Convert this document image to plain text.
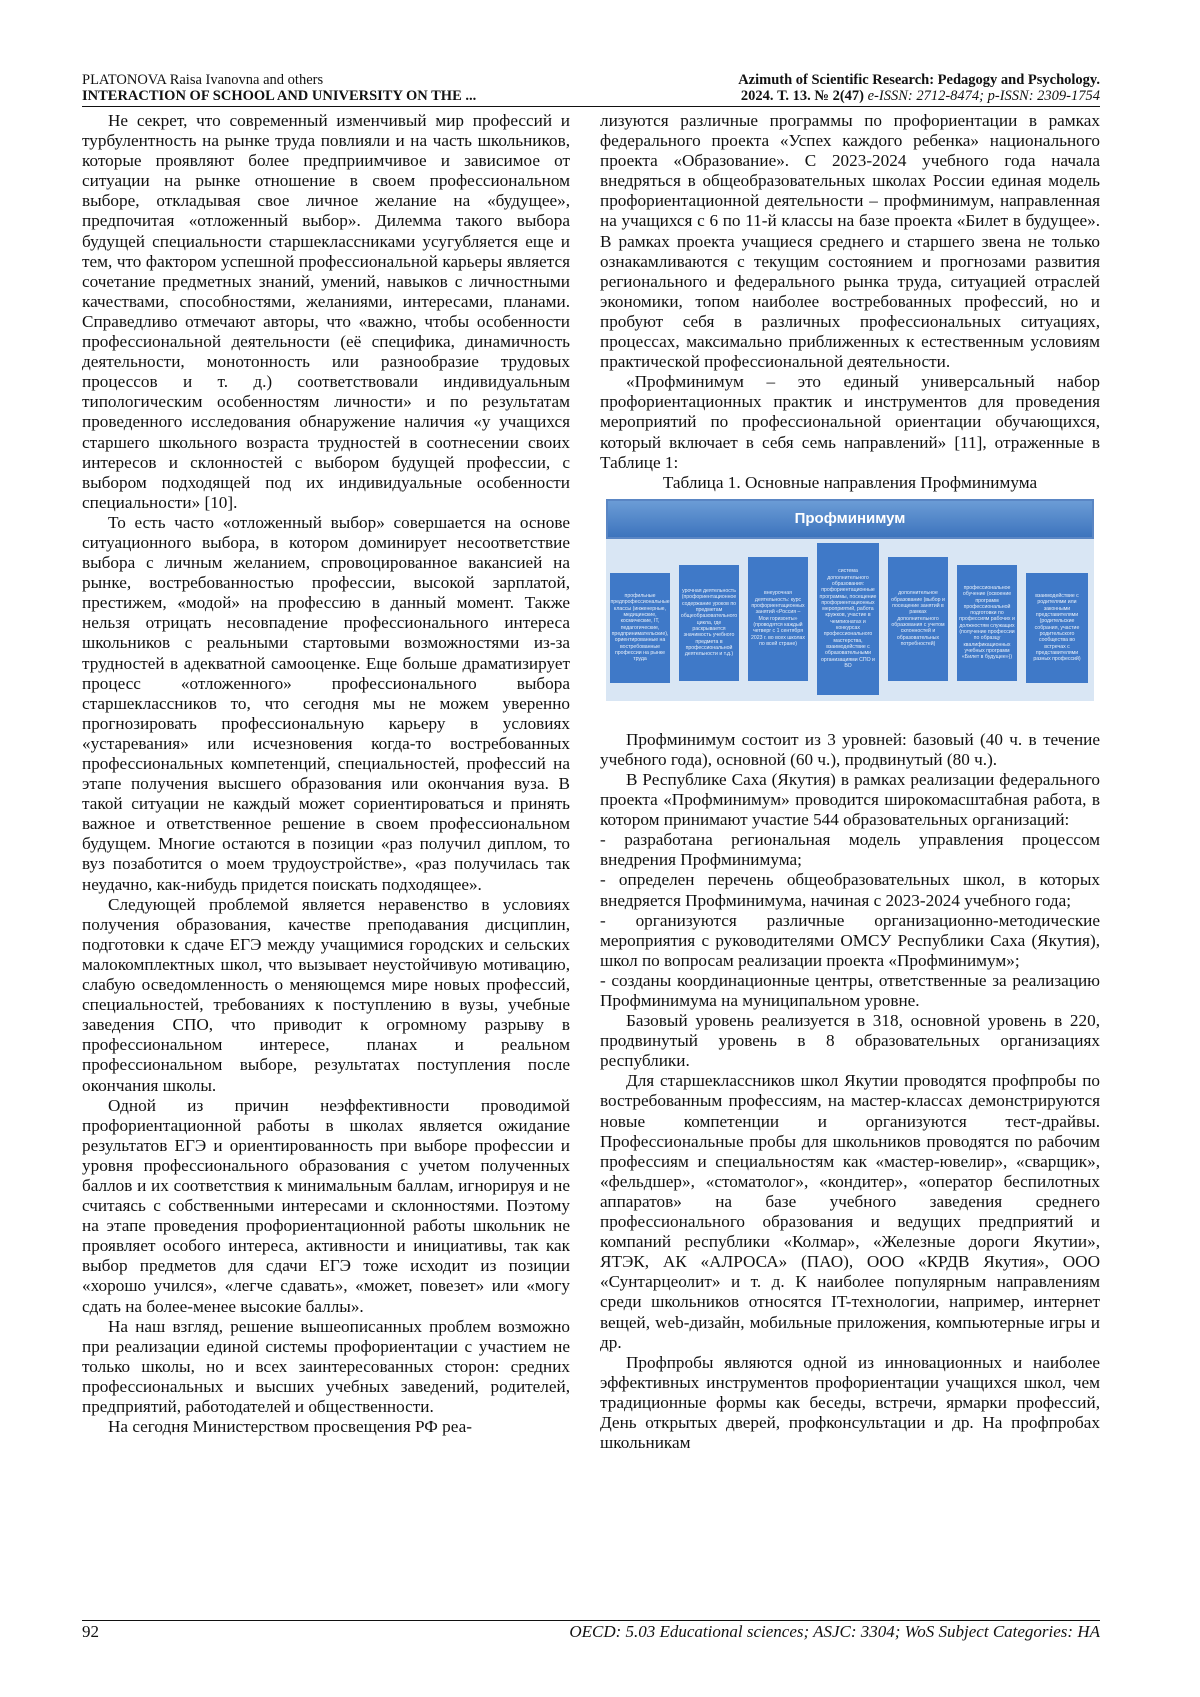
PLATONOVA Raisa Ivanovna and others
INTERACTION OF SCHOOL AND UNIVERSITY ON THE ...
Azimuth of Scientific Research: Pedagogy and Psychology.
2024. Т. 13. № 2(47) e-ISSN: 2712-8474; p-ISSN: 2309-1754

Не секрет, что современный изменчивый мир профессий и турбулентность на рынке труда повлияли и на часть школьников, которые проявляют более предприимчивое и зависимое от ситуации на рынке отношение в своем профессиональном выборе, откладывая свое личное желание на «будущее», предпочитая «отложенный выбор». Дилемма такого выбора будущей специальности старшеклассниками усугубляется еще и тем, что фактором успешной профессиональной карьеры является сочетание предметных знаний, умений, навыков с личностными качествами, способностями, желаниями, интересами, планами. Справедливо отмечают авторы, что «важно, чтобы особенности профессиональной деятельности (её специфика, динамичность деятельности, монотонность или разнообразие трудовых процессов и т. д.) соответствовали индивидуальным типологическим особенностям личности» и по результатам проведенного исследования обнаружение наличия «у учащихся старшего школьного возраста трудностей в соотнесении своих интересов и склонностей с выбором будущей профессии, с выбором подходящей под их индивидуальные особенности специальности» [10].

То есть часто «отложенный выбор» совершается на основе ситуационного выбора, в котором доминирует несоответствие выбора с личным желанием, спровоцированное вакансией на рынке, востребованностью профессии, высокой зарплатой, престижем, «модой» на профессию в данный момент. Также нельзя отрицать несовпадение профессионального интереса школьников с реальными стартовыми возможностями из-за трудностей в адекватной самооценке. Еще больше драматизирует процесс «отложенного» профессионального выбора старшеклассников то, что сегодня мы не можем уверенно прогнозировать профессиональную карьеру в условиях «устаревания» или исчезновения когда-то востребованных профессиональных компетенций, специальностей, профессий на этапе получения высшего образования или окончания вуза. В такой ситуации не каждый может сориентироваться и принять важное и ответственное решение в своем профессиональном будущем. Многие остаются в позиции «раз получил диплом, то вуз позаботится о моем трудоустройстве», «раз получилась так неудачно, как-нибудь придется поискать подходящее».

Следующей проблемой является неравенство в условиях получения образования, качестве преподавания дисциплин, подготовки к сдаче ЕГЭ между учащимися городских и сельских малокомплектных школ, что вызывает неустойчивую мотивацию, слабую осведомленность о меняющемся мире новых профессий, специальностей, требованиях к поступлению в вузы, учебные заведения СПО, что приводит к огромному разрыву в профессиональном интересе, планах и реальном профессиональном выборе, результатах поступления после окончания школы.

Одной из причин неэффективности проводимой профориентационной работы в школах является ожидание результатов ЕГЭ и ориентированность при выборе профессии и уровня профессионального образования с учетом полученных баллов и их соответствия к минимальным баллам, игнорируя и не считаясь с собственными интересами и склонностями. Поэтому на этапе проведения профориентационной работы школьник не проявляет особого интереса, активности и инициативы, так как выбор предметов для сдачи ЕГЭ тоже исходит из позиции «хорошо учился», «легче сдавать», «может, повезет» или «могу сдать на более-менее высокие баллы».

На наш взгляд, решение вышеописанных проблем возможно при реализации единой системы профориентации с участием не только школы, но и всех заинтересованных сторон: средних профессиональных и высших учебных заведений, родителей, предприятий, работодателей и общественности.

На сегодня Министерством просвещения РФ реа-

лизуются различные программы по профориентации в рамках федерального проекта «Успех каждого ребенка» национального проекта «Образование». С 2023-2024 учебного года начала внедряться в общеобразовательных школах России единая модель профориентационной деятельности – профминимум, направленная на учащихся с 6 по 11-й классы на базе проекта «Билет в будущее». В рамках проекта учащиеся среднего и старшего звена не только ознакамливаются с текущим состоянием и прогнозами развития регионального и федерального рынка труда, ситуацией отраслей экономики, топом наиболее востребованных профессий, но и пробуют себя в различных профессиональных ситуациях, процессах, максимально приближенных к естественным условиям практической профессиональной деятельности.

«Профминимум – это единый универсальный набор профориентационных практик и инструментов для проведения мероприятий по профессиональной ориентации обучающихся, который включает в себя семь направлений» [11], отраженные в Таблице 1:

Таблица 1. Основные направления Профминимума

Профминимум
профильные предпрофессиональные классы (инженерные, медицинские, космические, IT, педагогические, предпринимательские), ориентированные на востребованные профессии на рынке труда
урочная деятельность (профориентационное содержание уроков по предметам общеобразовательного цикла, где раскрывается значимость учебного предмета в профессиональной деятельности и т.д.)
внеурочная деятельность: курс профориентационных занятий «Россия – Мои горизонты» (проводятся каждый четверг с 1 сентября 2023 г. во всех школах по всей стране)
система дополнительного образования: профориентационные программы, посещение профориентационных мероприятий, работа кружков, участие в чемпионатах и конкурсах профессионального мастерства, взаимодействие с образовательными организациями СПО и ВО
дополнительное образование (выбор и посещение занятий в рамках дополнительного образования с учетом склонностей и образовательных потребностей)
профессиональное обучение (освоение программ профессиональной подготовки по профессиям рабочих и должностям служащих (получение профессии по образцу квалификационных учебных программ «Билет в будущее»))
взаимодействие с родителями или законными представителями (родительские собрания, участие родительского сообщества во встречах с представителями разных профессий)

Профминимум состоит из 3 уровней: базовый (40 ч. в течение учебного года), основной (60 ч.), продвинутый (80 ч.).

В Республике Саха (Якутия) в рамках реализации федерального проекта «Профминимум» проводится широкомасштабная работа, в котором принимают участие 544 образовательных организаций:

- разработана региональная модель управления процессом внедрения Профминимума;

- определен перечень общеобразовательных школ, в которых внедряется Профминимума, начиная с 2023-2024 учебного года;

- организуются различные организационно-методические мероприятия с руководителями ОМСУ Республики Саха (Якутия), школ по вопросам реализации проекта «Профминимум»;

- созданы координационные центры, ответственные за реализацию Профминимума на муниципальном уровне.

Базовый уровень реализуется в 318, основной уровень в 220, продвинутый уровень в 8 образовательных организациях республики.

Для старшеклассников школ Якутии проводятся профпробы по востребованным профессиям, на мастер-классах демонстрируются новые компетенции и организуются тест-драйвы. Профессиональные пробы для школьников проводятся по рабочим профессиям и специальностям как «мастер-ювелир», «сварщик», «фельдшер», «стоматолог», «кондитер», «оператор беспилотных аппаратов» на базе учебного заведения среднего профессионального образования и ведущих предприятий и компаний республики «Колмар», «Железные дороги Якутии», ЯТЭК, АК «АЛРОСА» (ПАО), ООО «КРДВ Якутия», ООО «Сунтарцеолит» и т. д. К наиболее популярным направлениям среди школьников относятся IT-технологии, например, интернет вещей, web-дизайн, мобильные приложения, компьютерные игры и др.

Профпробы являются одной из инновационных и наиболее эффективных инструментов профориентации учащихся школ, чем традиционные формы как беседы, встречи, ярмарки профессий, День открытых дверей, профконсультации и др. На профпробах школьникам

92	OECD: 5.03 Educational sciences; ASJC: 3304; WoS Subject Categories: HA
